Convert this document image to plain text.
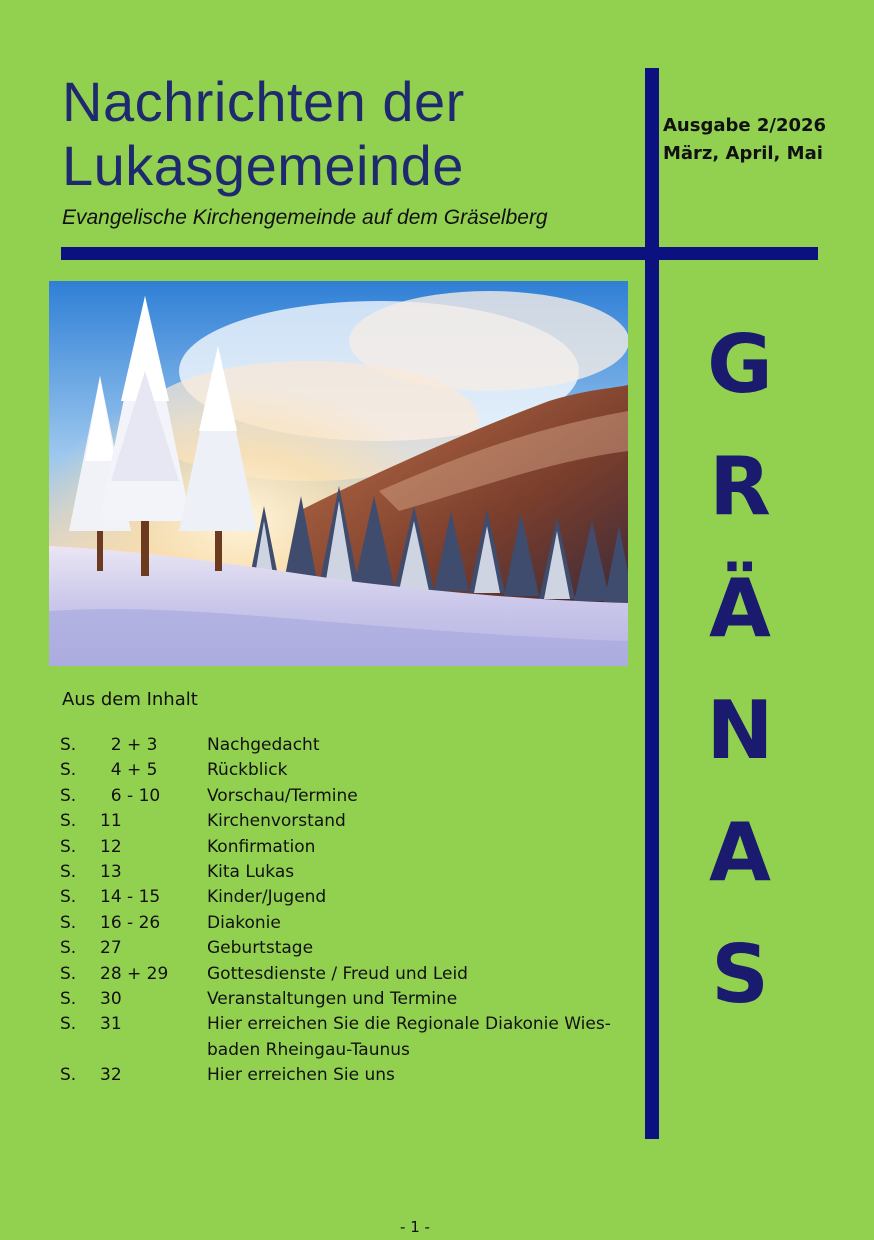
Nachrichten der
Lukasgemeinde
Evangelische Kirchengemeinde auf dem Gräselberg
Ausgabe 2/2026
März, April, Mai
G
R
Ä
N
A
S
Aus dem Inhalt
S.	2 + 3	Nachgedacht
S.	4 + 5	Rückblick
S.	6 - 10	Vorschau/Termine
S.	11	Kirchenvorstand
S.	12	Konfirmation
S.	13	Kita Lukas
S.	14 - 15	Kinder/Jugend
S.	16 - 26	Diakonie
S.	27	Geburtstage
S.	28 + 29	Gottesdienste / Freud und Leid
S.	30	Veranstaltungen und Termine
S.	31	Hier erreichen Sie die Regionale Diakonie Wies-
baden Rheingau-Taunus
S.	32	Hier erreichen Sie uns
- 1 -
